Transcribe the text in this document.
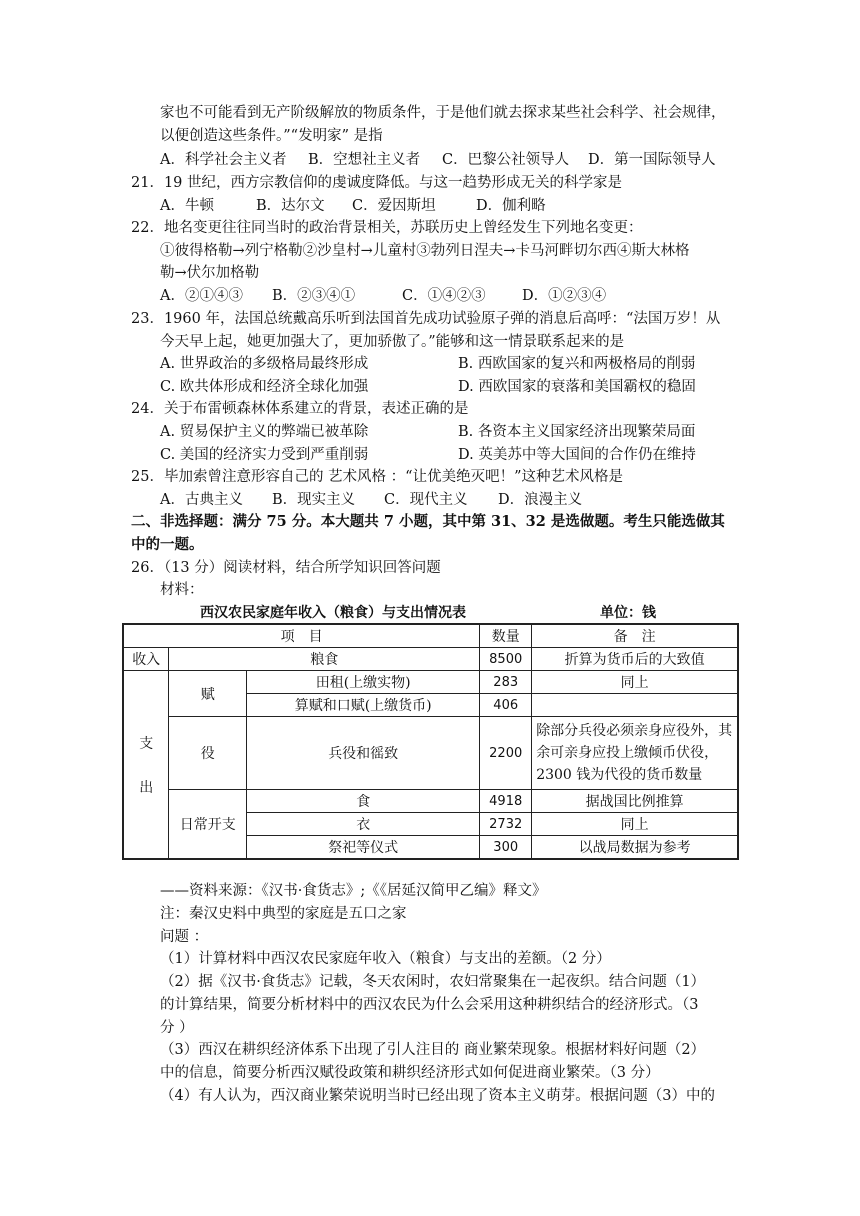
家也不可能看到无产阶级解放的物质条件，于是他们就去探求某些社会科学、社会规律，
以便创造这些条件。”“发明家” 是指
A．科学社会主义者 B．空想社主义者 C．巴黎公社领导人 D．第一国际领导人
21．19 世纪，西方宗教信仰的虔诚度降低。与这一趋势形成无关的科学家是
A．牛顿	B．达尔文 C．爱因斯坦	D．伽利略
22．地名变更往往同当时的政治背景相关，苏联历史上曾经发生下列地名变更：
①彼得格勒→列宁格勒②沙皇村→儿童村③勃列日涅夫→卡马河畔切尔西④斯大林格
勒→伏尔加格勒
A．②①④③ B．②③④①	C．①④②③	D．①②③④
23．1960 年，法国总统戴高乐听到法国首先成功试验原子弹的消息后高呼：“法国万岁！从
今天早上起，她更加强大了，更加骄傲了。”能够和这一情景联系起来的是
A. 世界政治的多级格局最终形成	B. 西欧国家的复兴和两极格局的削弱
C. 欧共体形成和经济全球化加强	D. 西欧国家的衰落和美国霸权的稳固
24．关于布雷顿森林体系建立的背景，表述正确的是
A. 贸易保护主义的弊端已被革除	B. 各资本主义国家经济出现繁荣局面
C. 美国的经济实力受到严重削弱	D. 英美苏中等大国间的合作仍在维持
25．毕加索曾注意形容自己的 艺术风格 ：“让优美绝灭吧！”这种艺术风格是
A．古典主义 B．现实主义 C．现代主义 D．浪漫主义
二、非选择题：满分 75 分。本大题共 7 小题，其中第 31、32 是选做题。考生只能选做其
中的一题。
26．（13 分）阅读材料，结合所学知识回答问题
材料：
西汉农民家庭年收入（粮食）与支出情况表	单位：钱
项　目			数量	备　注
收入	粮食		8500	折算为货币后的大致值

支
出	赋	田租(上缴实物)	283	同上
		算赋和口赋(上缴货币)	406	
	役	兵役和徭致	2200	除部分兵役必须亲身应役外，其余可亲身应投上缴倾币伏役，2300 钱为代役的货币数量
	日常开支	食	4918	据战国比例推算
		衣	2732	同上
		祭祀等仪式	300	以战局数据为参考
——资料来源：《汉书·食货志》;《《居延汉简甲乙编》释文》
注：秦汉史料中典型的家庭是五口之家
问题 ：
（1）计算材料中西汉农民家庭年收入（粮食）与支出的差额。（2 分）
（2）据《汉书·食货志》记载，冬天农闲时，农妇常聚集在一起夜织。结合问题（1）
的计算结果，简要分析材料中的西汉农民为什么会采用这种耕织结合的经济形式。（3
分 ）
（3）西汉在耕织经济体系下出现了引人注目的 商业繁荣现象。根据材料好问题（2）
中的信息，简要分析西汉赋役政策和耕织经济形式如何促进商业繁荣。（3 分）
（4）有人认为，西汉商业繁荣说明当时已经出现了资本主义萌芽。根据问题（3）中的
